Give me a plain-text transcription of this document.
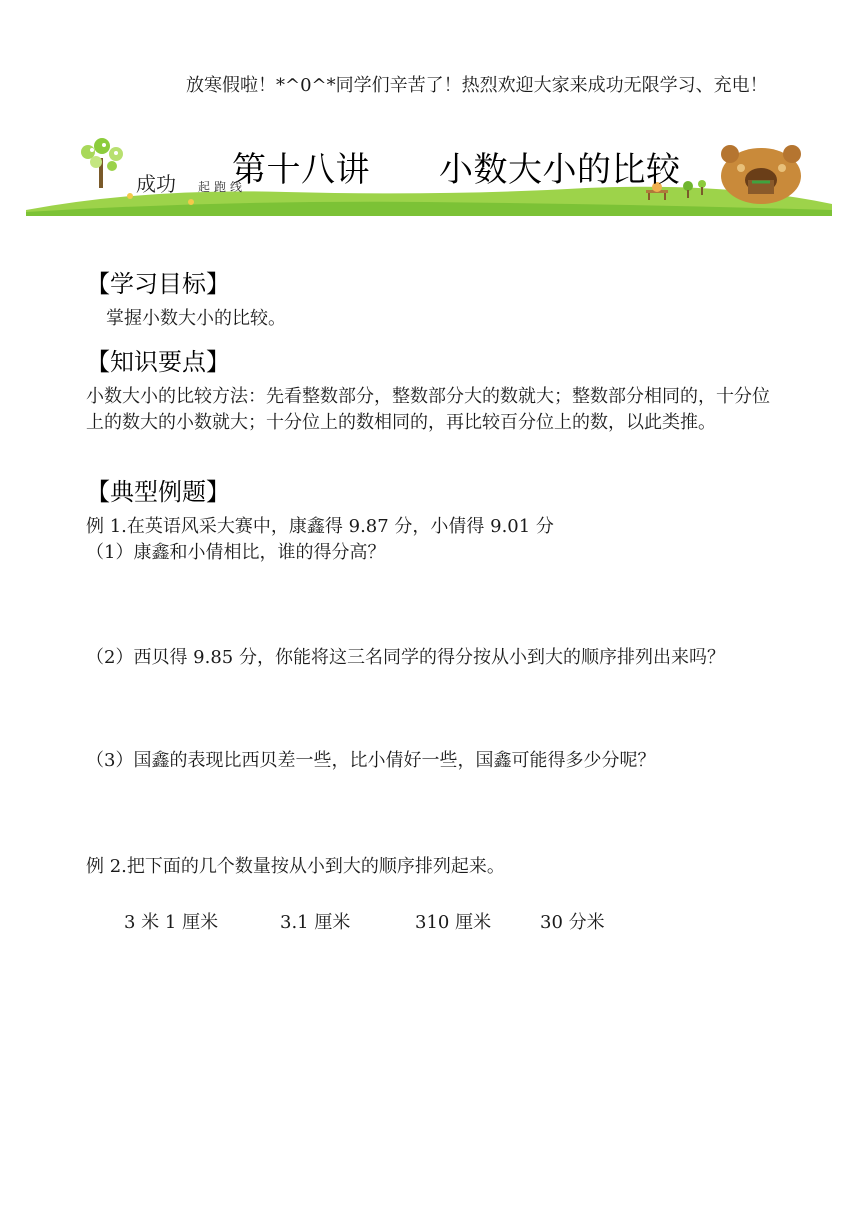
放寒假啦！*^0^*同学们辛苦了！热烈欢迎大家来成功无限学习、充电！
第十八讲　　小数大小的比较
成功 起跑线
【学习目标】
掌握小数大小的比较。
【知识要点】
小数大小的比较方法：先看整数部分，整数部分大的数就大；整数部分相同的，十分位上的数大的小数就大；十分位上的数相同的，再比较百分位上的数，以此类推。
【典型例题】
例 1.在英语风采大赛中，康鑫得 9.87 分，小倩得 9.01 分
（1）康鑫和小倩相比，谁的得分高？
（2）西贝得 9.85 分，你能将这三名同学的得分按从小到大的顺序排列出来吗？
（3）国鑫的表现比西贝差一些，比小倩好一些，国鑫可能得多少分呢？
例 2.把下面的几个数量按从小到大的顺序排列起来。
3 米 1 厘米	3.1 厘米	310 厘米	30 分米
